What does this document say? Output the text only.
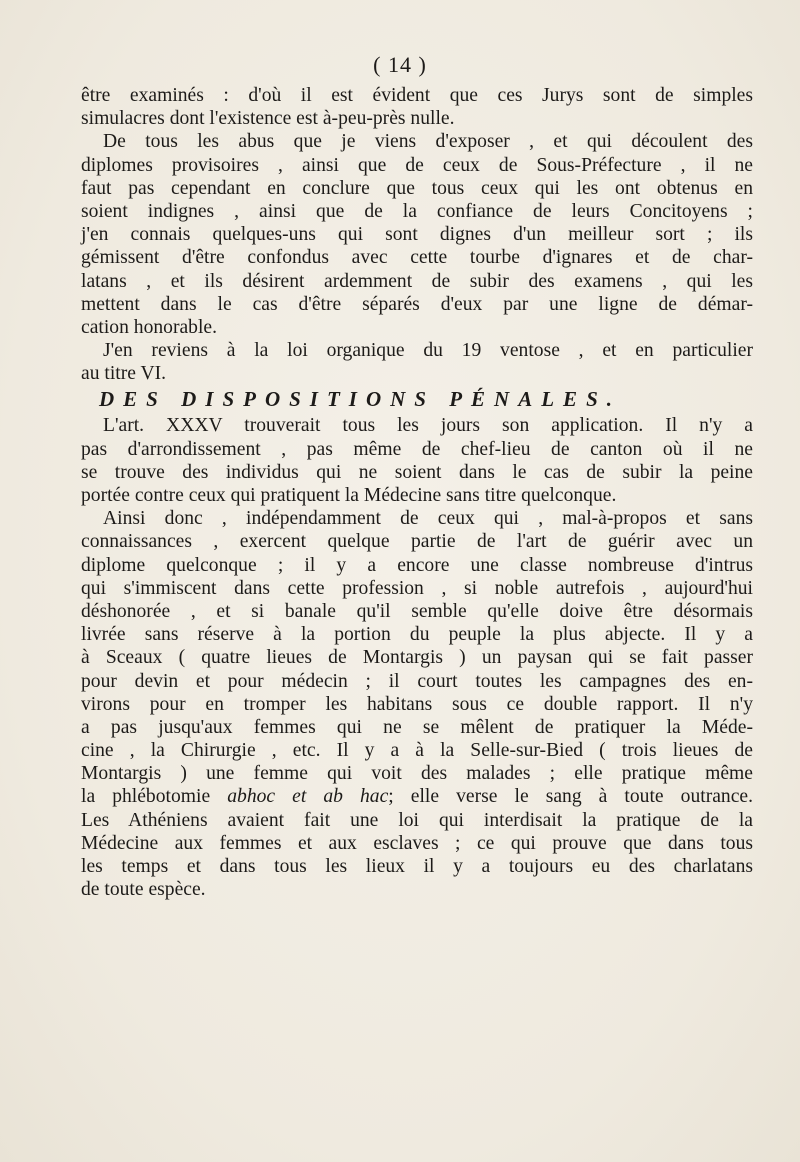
( 14 )
être examinés : d'où il est évident que ces Jurys sont de simples
simulacres dont l'existence est à-peu-près nulle.
De tous les abus que je viens d'exposer , et qui découlent des
diplomes provisoires , ainsi que de ceux de Sous-Préfecture , il ne
faut pas cependant en conclure que tous ceux qui les ont obtenus en
soient indignes , ainsi que de la confiance de leurs Concitoyens ;
j'en connais quelques-uns qui sont dignes d'un meilleur sort ; ils
gémissent d'être confondus avec cette tourbe d'ignares et de char-
latans , et ils désirent ardemment de subir des examens , qui les
mettent dans le cas d'être séparés d'eux par une ligne de démar-
cation honorable.
J'en reviens à la loi organique du 19 ventose , et en particulier
au titre VI.
DES DISPOSITIONS PÉNALES.
L'art. XXXV trouverait tous les jours son application. Il n'y a
pas d'arrondissement , pas même de chef-lieu de canton où il ne
se trouve des individus qui ne soient dans le cas de subir la peine
portée contre ceux qui pratiquent la Médecine sans titre quelconque.
Ainsi donc , indépendamment de ceux qui , mal-à-propos et sans
connaissances , exercent quelque partie de l'art de guérir avec un
diplome quelconque ; il y a encore une classe nombreuse d'intrus
qui s'immiscent dans cette profession , si noble autrefois , aujourd'hui
déshonorée , et si banale qu'il semble qu'elle doive être désormais
livrée sans réserve à la portion du peuple la plus abjecte. Il y a
à Sceaux ( quatre lieues de Montargis ) un paysan qui se fait passer
pour devin et pour médecin ; il court toutes les campagnes des en-
virons pour en tromper les habitans sous ce double rapport. Il n'y
a pas jusqu'aux femmes qui ne se mêlent de pratiquer la Méde-
cine , la Chirurgie , etc. Il y a à la Selle-sur-Bied ( trois lieues de
Montargis ) une femme qui voit des malades ; elle pratique même
la phlébotomie abhoc et ab hac; elle verse le sang à toute outrance.
Les Athéniens avaient fait une loi qui interdisait la pratique de la
Médecine aux femmes et aux esclaves ; ce qui prouve que dans tous
les temps et dans tous les lieux il y a toujours eu des charlatans
de toute espèce.
